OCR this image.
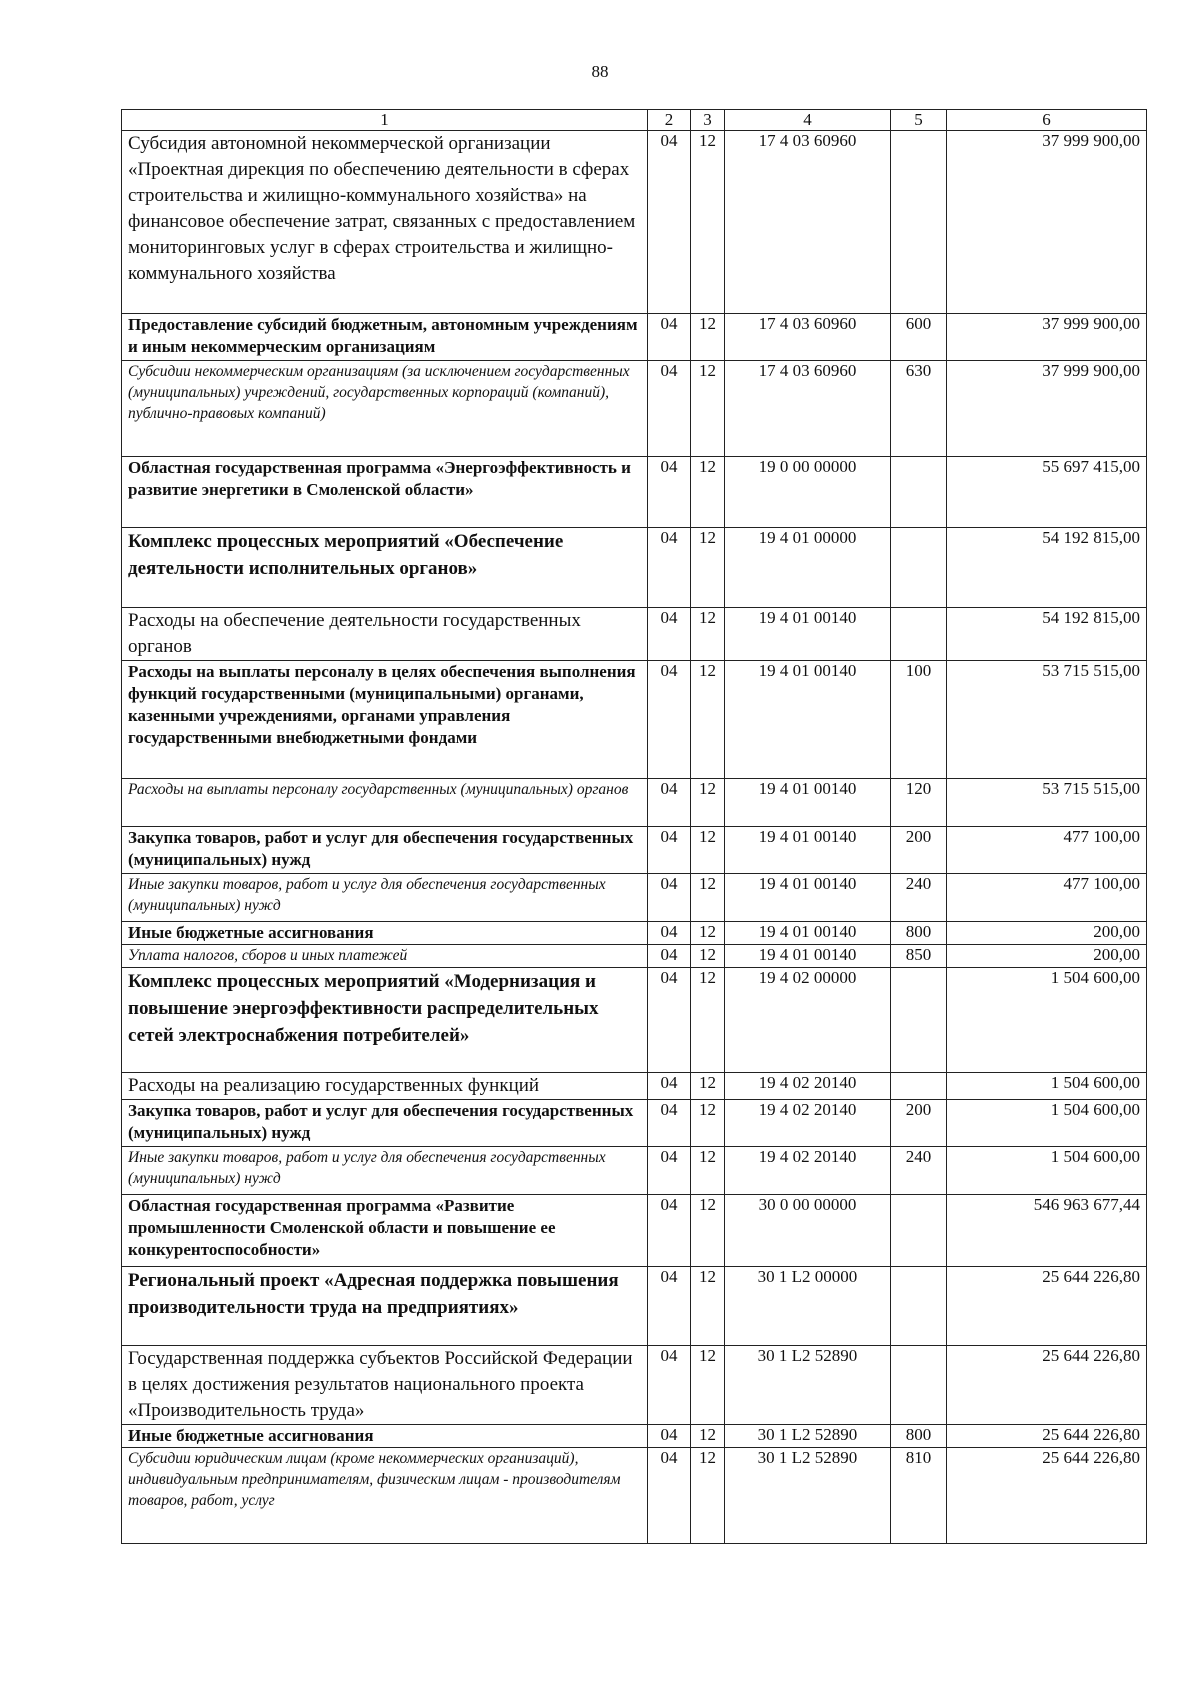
88
1	2	3	4	5	6
Субсидия автономной некоммерческой организации «Проектная дирекция по обеспечению деятельности в сферах строительства и жилищно-коммунального хозяйства» на финансовое обеспечение затрат, связанных с предоставлением мониторинговых услуг в сферах строительства и жилищно-коммунального хозяйства	04	12	17 4 03 60960		37 999 900,00
Предоставление субсидий бюджетным, автономным учреждениям и иным некоммерческим организациям	04	12	17 4 03 60960	600	37 999 900,00
Субсидии некоммерческим организациям (за исключением государственных (муниципальных) учреждений, государственных корпораций (компаний), публично-правовых компаний)	04	12	17 4 03 60960	630	37 999 900,00
Областная государственная программа «Энергоэффективность и развитие энергетики в Смоленской области»	04	12	19 0 00 00000		55 697 415,00
Комплекс процессных мероприятий «Обеспечение деятельности исполнительных органов»	04	12	19 4 01 00000		54 192 815,00
Расходы на обеспечение деятельности государственных органов	04	12	19 4 01 00140		54 192 815,00
Расходы на выплаты персоналу в целях обеспечения выполнения функций государственными (муниципальными) органами, казенными учреждениями, органами управления государственными внебюджетными фондами	04	12	19 4 01 00140	100	53 715 515,00
Расходы на выплаты персоналу государственных (муниципальных) органов	04	12	19 4 01 00140	120	53 715 515,00
Закупка товаров, работ и услуг для обеспечения государственных (муниципальных) нужд	04	12	19 4 01 00140	200	477 100,00
Иные закупки товаров, работ и услуг для обеспечения государственных (муниципальных) нужд	04	12	19 4 01 00140	240	477 100,00
Иные бюджетные ассигнования	04	12	19 4 01 00140	800	200,00
Уплата налогов, сборов и иных платежей	04	12	19 4 01 00140	850	200,00
Комплекс процессных мероприятий «Модернизация и повышение энергоэффективности распределительных сетей электроснабжения потребителей»	04	12	19 4 02 00000		1 504 600,00
Расходы на реализацию государственных функций	04	12	19 4 02 20140		1 504 600,00
Закупка товаров, работ и услуг для обеспечения государственных (муниципальных) нужд	04	12	19 4 02 20140	200	1 504 600,00
Иные закупки товаров, работ и услуг для обеспечения государственных (муниципальных) нужд	04	12	19 4 02 20140	240	1 504 600,00
Областная государственная программа «Развитие промышленности Смоленской области и повышение ее конкурентоспособности»	04	12	30 0 00 00000		546 963 677,44
Региональный проект «Адресная поддержка повышения производительности труда на предприятиях»	04	12	30 1 L2 00000		25 644 226,80
Государственная поддержка субъектов Российской Федерации в целях достижения результатов национального проекта «Производительность труда»	04	12	30 1 L2 52890		25 644 226,80
Иные бюджетные ассигнования	04	12	30 1 L2 52890	800	25 644 226,80
Субсидии юридическим лицам (кроме некоммерческих организаций), индивидуальным предпринимателям, физическим лицам - производителям товаров, работ, услуг	04	12	30 1 L2 52890	810	25 644 226,80
